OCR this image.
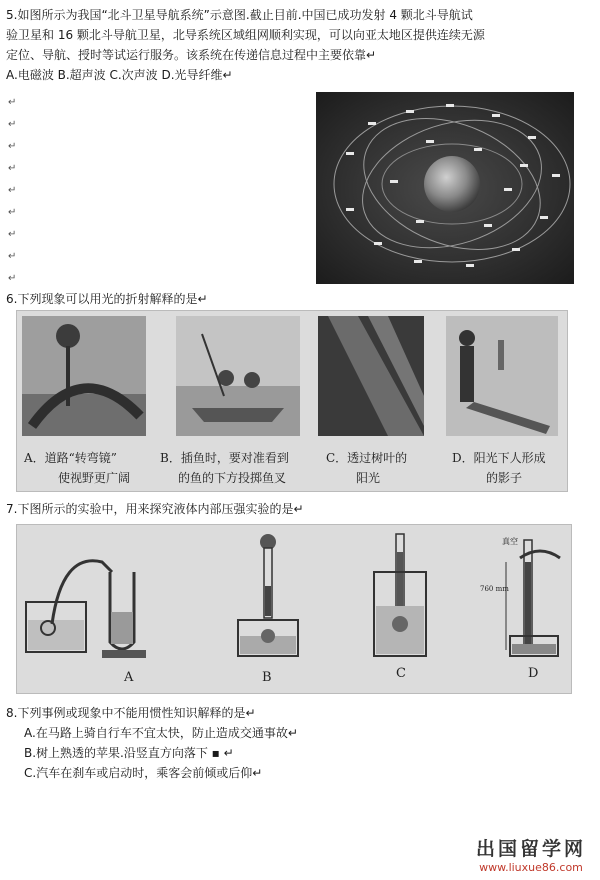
5.如图所示为我国“北斗卫星导航系统”示意图.截止目前.中国已成功发射 4 颗北斗导航试
验卫星和 16 颗北斗导航卫星，北导系统区域组网顺利实现，可以向亚太地区提供连续无源
定位、导航、授时等试运行服务。该系统在传递信息过程中主要依靠↵
A.电磁波 B.超声波 C.次声波 D.光导纤维↵
↵
↵
↵
↵
↵
↵
↵
↵
↵
6.下列现象可以用光的折射解释的是↵
A．道路“转弯镜”
使视野更广阔
B．插鱼时，要对准看到
的鱼的下方投掷鱼叉
C．透过树叶的
阳光
D．阳光下人形成
的影子
7.下图所示的实验中，用来探究液体内部压强实验的是↵
真空
760 mm
A	B	C	D
8.下列事例或现象中不能用惯性知识解释的是↵
A.在马路上骑自行车不宜太快，防止造成交通事故↵
B.树上熟透的苹果.沿竖直方向落下 ▪ ↵
C.汽车在刹车或启动时，乘客会前倾或后仰↵
出国留学网
www.liuxue86.com
